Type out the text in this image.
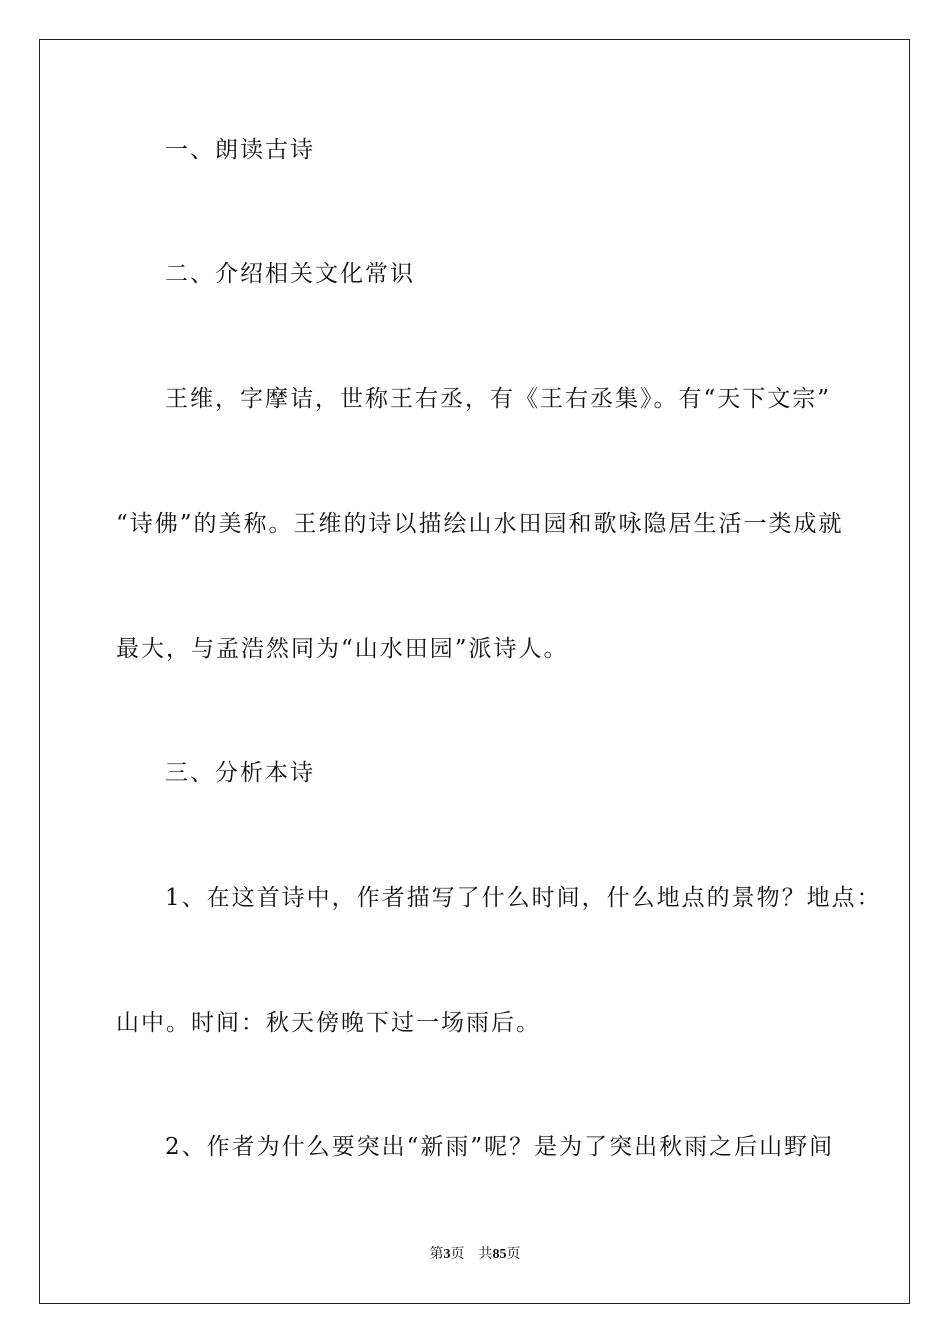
一、朗读古诗
二、介绍相关文化常识
王维，字摩诘，世称王右丞，有《王右丞集》。有“天下文宗”
“诗佛”的美称。王维的诗以描绘山水田园和歌咏隐居生活一类成就
最大，与孟浩然同为“山水田园”派诗人。
三、分析本诗
1、在这首诗中，作者描写了什么时间，什么地点的景物？地点：
山中。时间：秋天傍晚下过一场雨后。
2、作者为什么要突出“新雨”呢？是为了突出秋雨之后山野间
第3页 共85页
